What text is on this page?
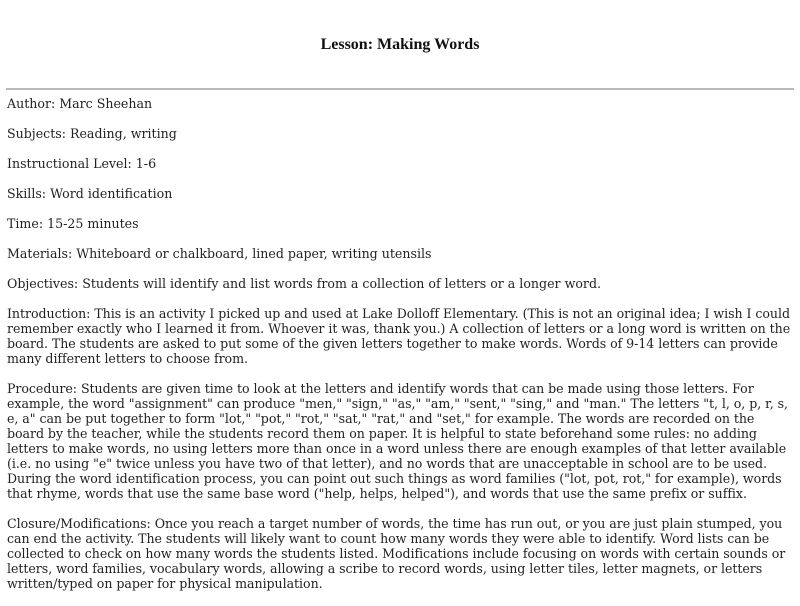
Lesson: Making Words

Author: Marc Sheehan

Subjects: Reading, writing

Instructional Level: 1-6

Skills: Word identification

Time: 15-25 minutes

Materials: Whiteboard or chalkboard, lined paper, writing utensils

Objectives: Students will identify and list words from a collection of letters or a longer word.

Introduction: This is an activity I picked up and used at Lake Dolloff Elementary. (This is not an original idea; I wish I could remember exactly who I learned it from. Whoever it was, thank you.) A collection of letters or a long word is written on the board. The students are asked to put some of the given letters together to make words. Words of 9-14 letters can provide many different letters to choose from.

Procedure: Students are given time to look at the letters and identify words that can be made using those letters. For example, the word "assignment" can produce "men," "sign," "as," "am," "sent," "sing," and "man." The letters "t, l, o, p, r, s, e, a" can be put together to form "lot," "pot," "rot," "sat," "rat," and "set," for example. The words are recorded on the board by the teacher, while the students record them on paper. It is helpful to state beforehand some rules: no adding letters to make words, no using letters more than once in a word unless there are enough examples of that letter available (i.e. no using "e" twice unless you have two of that letter), and no words that are unacceptable in school are to be used. During the word identification process, you can point out such things as word families ("lot, pot, rot," for example), words that rhyme, words that use the same base word ("help, helps, helped"), and words that use the same prefix or suffix.

Closure/Modifications: Once you reach a target number of words, the time has run out, or you are just plain stumped, you can end the activity. The students will likely want to count how many words they were able to identify. Word lists can be collected to check on how many words the students listed. Modifications include focusing on words with certain sounds or letters, word families, vocabulary words, allowing a scribe to record words, using letter tiles, letter magnets, or letters written/typed on paper for physical manipulation.
